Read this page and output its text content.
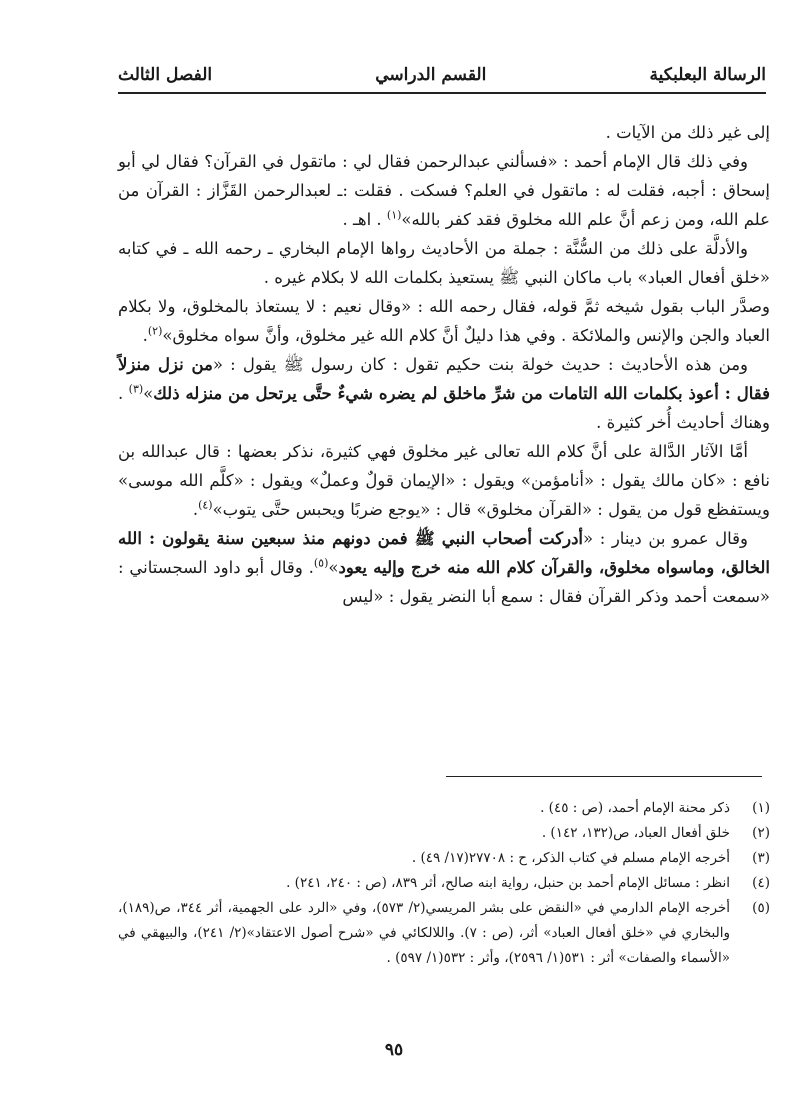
الرسالة البعلبكية
القسم الدراسي
الفصل الثالث

إلى غير ذلك من الآيات .

وفي ذلك قال الإمام أحمد : «فسألني عبدالرحمن فقال لي : ماتقول في القرآن؟ فقال لي أبو إسحاق : أجبه، فقلت له : ماتقول في العلم؟ فسكت . فقلت :ـ لعبدالرحمن القَزَّاز : القرآن من علم الله، ومن زعم أنَّ علم الله مخلوق فقد كفر بالله»$^{(١)}$ . اهـ .

والأدلَّة على ذلك من السُّنَّة : جملة من الأحاديث رواها الإمام البخاري ـ رحمه الله ـ في كتابه «خلق أفعال العباد» باب ماكان النبي ﷺ يستعيذ بكلمات الله لا بكلام غيره .

وصدَّر الباب بقول شيخه ثمَّ قوله، فقال رحمه الله : «وقال نعيم : لا يستعاذ بالمخلوق، ولا بكلام العباد والجن والإنس والملائكة . وفي هذا دليلٌ أنَّ كلام الله غير مخلوق، وأنَّ سواه مخلوق»$^{(٢)}$.

ومن هذه الأحاديث : حديث خولة بنت حكيم تقول : كان رسول ﷺ يقول : «من نزل منزلاً فقال : أعوذ بكلمات الله التامات من شرِّ ماخلق لم يضره شيءٌ حتَّى يرتحل من منزله ذلك»$^{(٣)}$ . وهناك أحاديث أُخر كثيرة .

أمَّا الآثار الدَّالة على أنَّ كلام الله تعالى غير مخلوق فهي كثيرة، نذكر بعضها : قال عبدالله بن نافع : «كان مالك يقول : «أنامؤمن» ويقول : «الإيمان قولٌ وعملٌ» ويقول : «كلَّم الله موسى» ويستفظع قول من يقول : «القرآن مخلوق» قال : «يوجع ضربًا ويحبس حتَّى يتوب»$^{(٤)}$.

وقال عمرو بن دينار : «أدركت أصحاب النبي ﷺ فمن دونهم منذ سبعين سنة يقولون : الله الخالق، وماسواه مخلوق، والقرآن كلام الله منه خرج وإليه يعود»$^{(٥)}$. وقال أبو داود السجستاني : «سمعت أحمد وذكر القرآن فقال : سمع أبا النضر يقول : «ليس

(١)
ذكر محنة الإمام أحمد، (ص : ٤٥) .
(٢)
خلق أفعال العباد، ص(١٣٢، ١٤٢) .
(٣)
أخرجه الإمام مسلم في كتاب الذكر، ح : ٢٧٧٠٨(١٧/ ٤٩) .
(٤)
انظر : مسائل الإمام أحمد بن حنبل، رواية ابنه صالح، أثر ٨٣٩، (ص : ٢٤٠، ٢٤١) .
(٥)
أخرجه الإمام الدارمي في «النقض على بشر المريسي(٢/ ٥٧٣)، وفي «الرد على الجهمية، أثر ٣٤٤، ص(١٨٩)، والبخاري في «خلق أفعال العباد» أثر، (ص : ٧). واللالكائي في «شرح أصول الاعتقاد»(٢/ ٢٤١)، والبيهقي في «الأسماء والصفات» أثر : ٥٣١(١/ ٢٥٩٦)، وأثر : ٥٣٢(١/ ٥٩٧) .
٩٥
